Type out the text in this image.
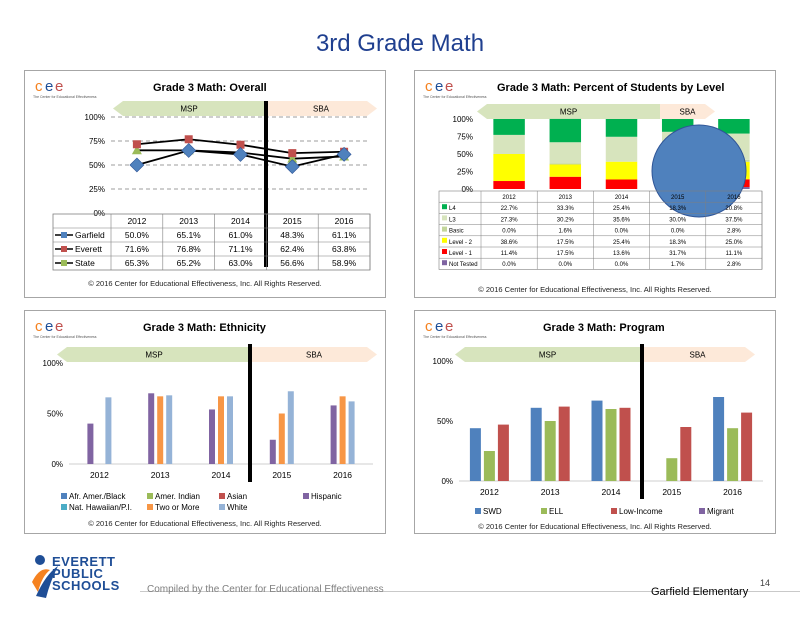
3rd Grade Math
c e e
The Center for Educational Effectiveness
Grade 3 Math: Overall
MSP	SBA
0%
25%
50%
75%
100%
2012	2013	2014	2015	2016
Garfield 50.0%	65.1%	61.0%	48.3%	61.1%
Everett	71.6%	76.8%	71.1%	62.4%	63.8%
State	65.3%	65.2%	63.0%	56.6%	58.9%
© 2016 Center for Educational Effectiveness, Inc. All Rights Reserved.
c e e
The Center for Educational Effectiveness
Grade 3 Math: Percent of Students by Level
MSP	SBA
0%
25%
50%
75%
100%
2012	2013	2014	2015	2016
L4	22.7%	33.3%	25.4%	18.3%	20.8%
L3	27.3%	30.2%	35.6%	30.0%	37.5%
Basic	0.0%	1.6%	0.0%	0.0%	2.8%
Level - 2	38.6%	17.5%	25.4%	18.3%	25.0%
Level - 1	11.4%	17.5%	13.6%	31.7%	11.1%
Not Tested	0.0%	0.0%	0.0%	1.7%	2.8%
© 2016 Center for Educational Effectiveness, Inc. All Rights Reserved.
c e e
The Center for Educational Effectiveness
Grade 3 Math: Ethnicity
MSP	SBA
0%
50%
100%
2012	2013	2014	2015	2016
Afr. Amer./Black	Amer. Indian	Asian	Hispanic
Nat. Hawaiian/P.I.	Two or More	White
© 2016 Center for Educational Effectiveness, Inc. All Rights Reserved.
c e e
The Center for Educational Effectiveness
Grade 3 Math: Program
MSP	SBA
0%
50%
100%
2012	2013	2014	2015	2016
SWD	ELL	Low-Income	Migrant
© 2016 Center for Educational Effectiveness, Inc. All Rights Reserved.
EVERETT
PUBLIC
SCHOOLS	Compiled by the Center for Educational Effectiveness	Garfield Elementary
14
